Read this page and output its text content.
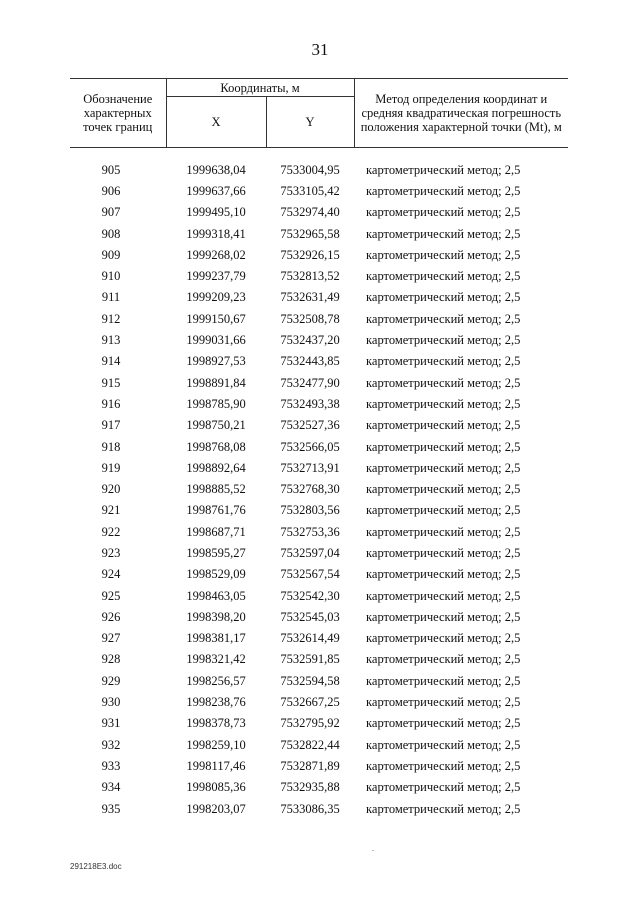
31
Обозначение характерных точек границ	Координаты, м		Метод определения координат и средняя квадратическая погрешность положения характерной точки (Mt), м
	X	Y	

905	1999638,04	7533004,95	картометрический метод; 2,5
906	1999637,66	7533105,42	картометрический метод; 2,5
907	1999495,10	7532974,40	картометрический метод; 2,5
908	1999318,41	7532965,58	картометрический метод; 2,5
909	1999268,02	7532926,15	картометрический метод; 2,5
910	1999237,79	7532813,52	картометрический метод; 2,5
911	1999209,23	7532631,49	картометрический метод; 2,5
912	1999150,67	7532508,78	картометрический метод; 2,5
913	1999031,66	7532437,20	картометрический метод; 2,5
914	1998927,53	7532443,85	картометрический метод; 2,5
915	1998891,84	7532477,90	картометрический метод; 2,5
916	1998785,90	7532493,38	картометрический метод; 2,5
917	1998750,21	7532527,36	картометрический метод; 2,5
918	1998768,08	7532566,05	картометрический метод; 2,5
919	1998892,64	7532713,91	картометрический метод; 2,5
920	1998885,52	7532768,30	картометрический метод; 2,5
921	1998761,76	7532803,56	картометрический метод; 2,5
922	1998687,71	7532753,36	картометрический метод; 2,5
923	1998595,27	7532597,04	картометрический метод; 2,5
924	1998529,09	7532567,54	картометрический метод; 2,5
925	1998463,05	7532542,30	картометрический метод; 2,5
926	1998398,20	7532545,03	картометрический метод; 2,5
927	1998381,17	7532614,49	картометрический метод; 2,5
928	1998321,42	7532591,85	картометрический метод; 2,5
929	1998256,57	7532594,58	картометрический метод; 2,5
930	1998238,76	7532667,25	картометрический метод; 2,5
931	1998378,73	7532795,92	картометрический метод; 2,5
932	1998259,10	7532822,44	картометрический метод; 2,5
933	1998117,46	7532871,89	картометрический метод; 2,5
934	1998085,36	7532935,88	картометрический метод; 2,5
935	1998203,07	7533086,35	картометрический метод; 2,5
291218E3.doc
